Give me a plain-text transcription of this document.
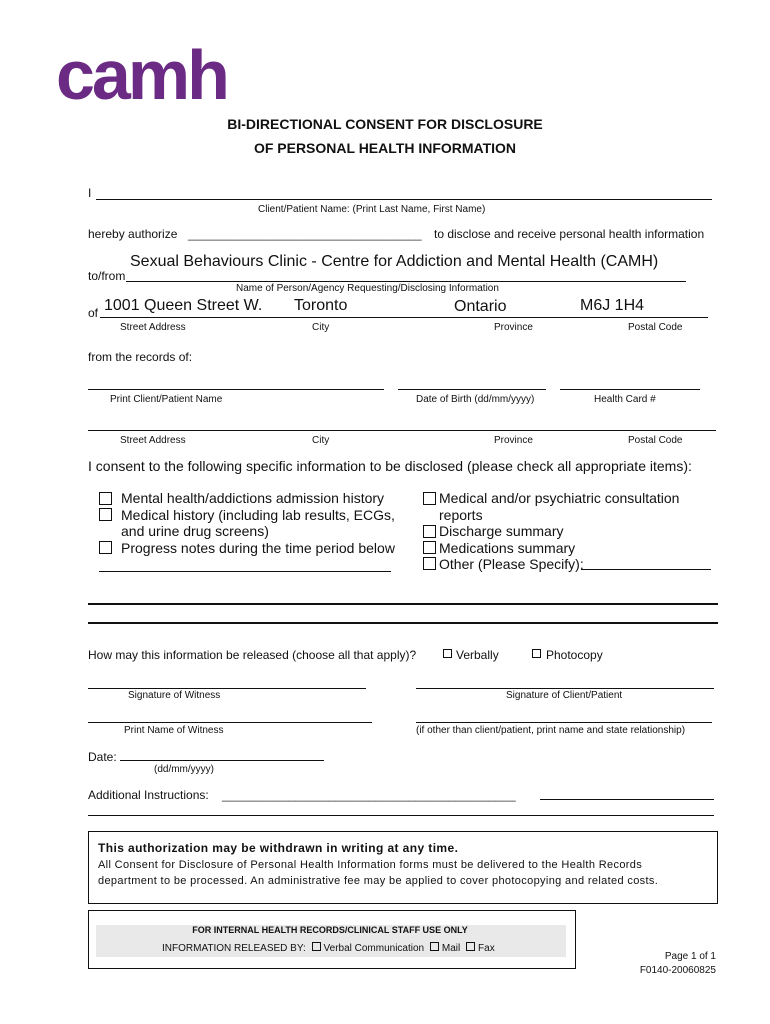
camh
BI-DIRECTIONAL CONSENT FOR DISCLOSURE
OF PERSONAL HEALTH INFORMATION
I
Client/Patient Name: (Print Last Name, First Name)
hereby authorize ___________________________________ to disclose and receive personal health information
Sexual Behaviours Clinic - Centre for Addiction and Mental Health (CAMH)
to/from
Name of Person/Agency Requesting/Disclosing Information
of 1001 Queen Street W. Toronto	Ontario	M6J 1H4
Street Address	City	Province	Postal Code
from the records of:
Print Client/Patient Name	Date of Birth (dd/mm/yyyy)	Health Card #
Street Address	City	Province	Postal Code
I consent to the following specific information to be disclosed (please check all appropriate items):
Mental health/addictions admission history
Medical history (including lab results, ECGs,
and urine drug screens)
Progress notes during the time period below
Medical and/or psychiatric consultation
reports
Discharge summary
Medications summary
Other (Please Specify):
How may this information be released (choose all that apply)?	Verbally	Photocopy
Signature of Witness	Signature of Client/Patient
Print Name of Witness	(if other than client/patient, print name and state relationship)
Date:
(dd/mm/yyyy)
Additional Instructions: ____________________________________________
This authorization may be withdrawn in writing at any time.
All Consent for Disclosure of Personal Health Information forms must be delivered to the Health Records
department to be processed. An administrative fee may be applied to cover photocopying and related costs.
FOR INTERNAL HEALTH RECORDS/CLINICAL STAFF USE ONLY
INFORMATION RELEASED BY: Verbal Communication Mail Fax
Page 1 of 1
F0140-20060825
